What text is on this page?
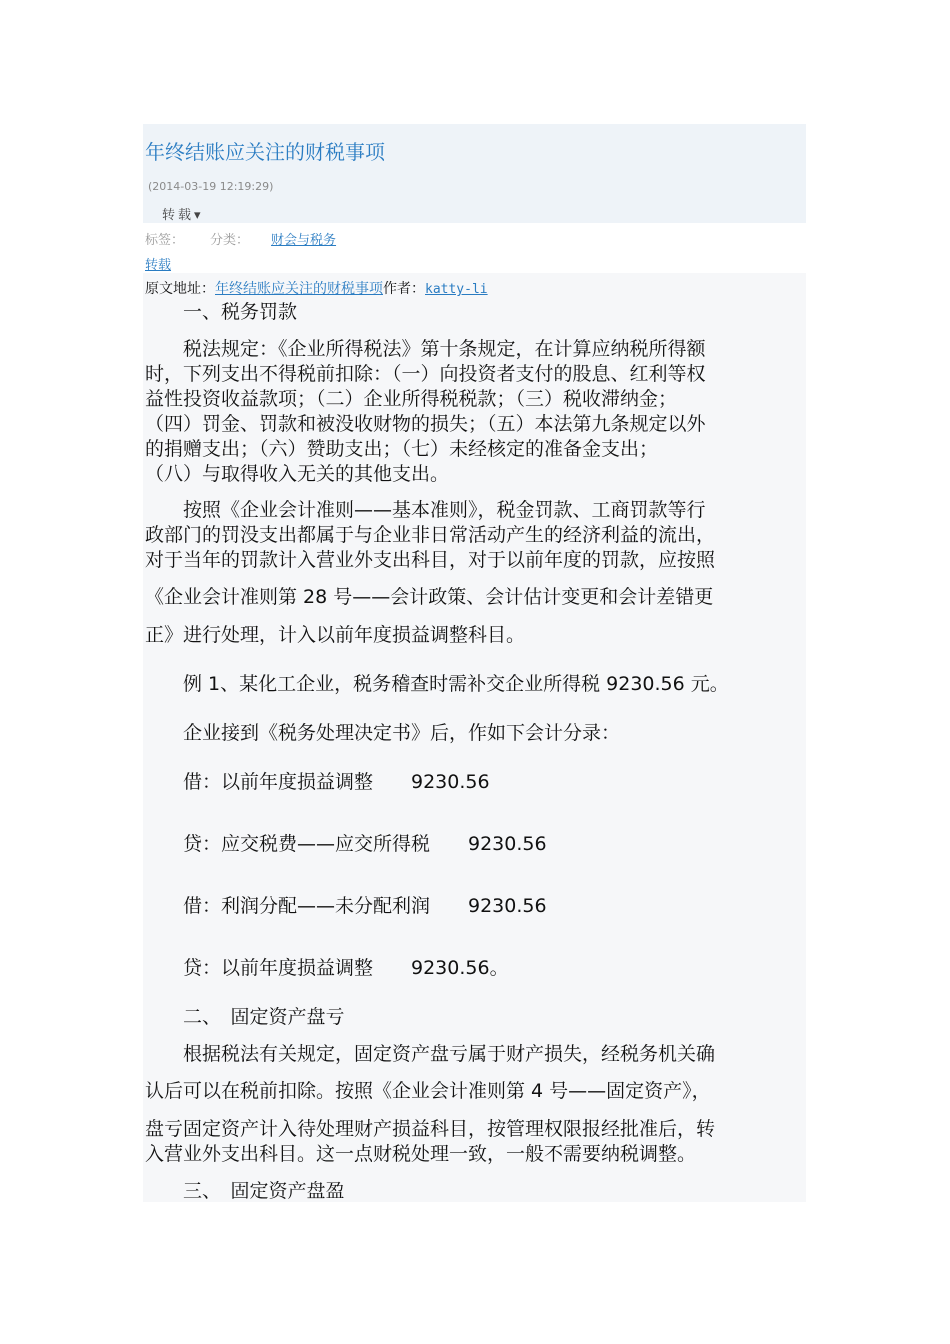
年终结账应关注的财税事项
(2014-03-19 12:19:29)
转载▾
标签： 分类： 财会与税务
转载
原文地址：年终结账应关注的财税事项作者：katty-li
一、税务罚款
税法规定：《企业所得税法》第十条规定，在计算应纳税所得额
时，下列支出不得税前扣除：（一）向投资者支付的股息、红利等权
益性投资收益款项；（二）企业所得税税款；（三）税收滞纳金；
（四）罚金、罚款和被没收财物的损失；（五）本法第九条规定以外
的捐赠支出；（六）赞助支出；（七）未经核定的准备金支出；
（八）与取得收入无关的其他支出。
按照《企业会计准则——基本准则》，税金罚款、工商罚款等行
政部门的罚没支出都属于与企业非日常活动产生的经济利益的流出，
对于当年的罚款计入营业外支出科目，对于以前年度的罚款，应按照
《企业会计准则第 28 号——会计政策、会计估计变更和会计差错更
正》进行处理，计入以前年度损益调整科目。
例 1、某化工企业，税务稽查时需补交企业所得税 9230.56 元。
企业接到《税务处理决定书》后，作如下会计分录：
借：以前年度损益调整　　9230.56
贷：应交税费——应交所得税　　9230.56
借：利润分配——未分配利润　　9230.56
贷：以前年度损益调整　　9230.56。
二、　固定资产盘亏
根据税法有关规定，固定资产盘亏属于财产损失，经税务机关确
认后可以在税前扣除。按照《企业会计准则第 4 号——固定资产》，
盘亏固定资产计入待处理财产损益科目，按管理权限报经批准后，转
入营业外支出科目。这一点财税处理一致，一般不需要纳税调整。
三、　固定资产盘盈
